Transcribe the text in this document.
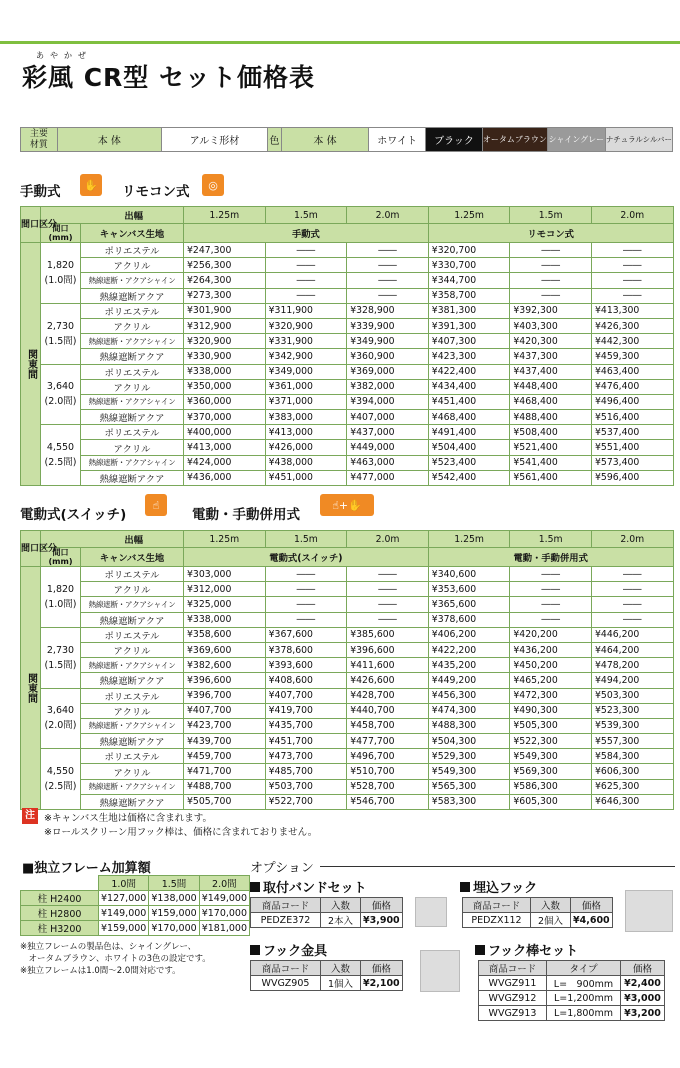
あやかぜ
彩風 CR型 セット価格表
主要
材質	本 体	アルミ形材	色	本 体	ホワイト	ブラック	オータムブラウン	シャイングレー	ナチュラルシルバー
手動式	✋	リモコン式	◎
間口区分	出幅		1.25m	1.5m	2.0m	1.25m	1.5m	2.0m
	間口
(mm)	キャンバス生地	手動式			リモコン式		
関東間	1,820
(1.0間)	ポリエステル	¥247,300	――	――	¥320,700	――	――
		アクリル	¥256,300	――	――	¥330,700	――	――
		熱線遮断・アクアシャイン	¥264,300	――	――	¥344,700	――	――
		熱線遮断アクア	¥273,300	――	――	¥358,700	――	――
	2,730
(1.5間)	ポリエステル	¥301,900	¥311,900	¥328,900	¥381,300	¥392,300	¥413,300
		アクリル	¥312,900	¥320,900	¥339,900	¥391,300	¥403,300	¥426,300
		熱線遮断・アクアシャイン	¥320,900	¥331,900	¥349,900	¥407,300	¥420,300	¥442,300
		熱線遮断アクア	¥330,900	¥342,900	¥360,900	¥423,300	¥437,300	¥459,300
	3,640
(2.0間)	ポリエステル	¥338,000	¥349,000	¥369,000	¥422,400	¥437,400	¥463,400
		アクリル	¥350,000	¥361,000	¥382,000	¥434,400	¥448,400	¥476,400
		熱線遮断・アクアシャイン	¥360,000	¥371,000	¥394,000	¥451,400	¥468,400	¥496,400
		熱線遮断アクア	¥370,000	¥383,000	¥407,000	¥468,400	¥488,400	¥516,400
	4,550
(2.5間)	ポリエステル	¥400,000	¥413,000	¥437,000	¥491,400	¥508,400	¥537,400
		アクリル	¥413,000	¥426,000	¥449,000	¥504,400	¥521,400	¥551,400
		熱線遮断・アクアシャイン	¥424,000	¥438,000	¥463,000	¥523,400	¥541,400	¥573,400
		熱線遮断アクア	¥436,000	¥451,000	¥477,000	¥542,400	¥561,400	¥596,400
電動式(スイッチ)
☝
電動・手動併用式
☝+✋
間口区分	出幅		1.25m	1.5m	2.0m	1.25m	1.5m	2.0m
	間口
(mm)	キャンバス生地	電動式(スイッチ)			電動・手動併用式		
関東間	1,820
(1.0間)	ポリエステル	¥303,000	――	――	¥340,600	――	――
		アクリル	¥312,000	――	――	¥353,600	――	――
		熱線遮断・アクアシャイン	¥325,000	――	――	¥365,600	――	――
		熱線遮断アクア	¥338,000	――	――	¥378,600	――	――
	2,730
(1.5間)	ポリエステル	¥358,600	¥367,600	¥385,600	¥406,200	¥420,200	¥446,200
		アクリル	¥369,600	¥378,600	¥396,600	¥422,200	¥436,200	¥464,200
		熱線遮断・アクアシャイン	¥382,600	¥393,600	¥411,600	¥435,200	¥450,200	¥478,200
		熱線遮断アクア	¥396,600	¥408,600	¥426,600	¥449,200	¥465,200	¥494,200
	3,640
(2.0間)	ポリエステル	¥396,700	¥407,700	¥428,700	¥456,300	¥472,300	¥503,300
		アクリル	¥407,700	¥419,700	¥440,700	¥474,300	¥490,300	¥523,300
		熱線遮断・アクアシャイン	¥423,700	¥435,700	¥458,700	¥488,300	¥505,300	¥539,300
		熱線遮断アクア	¥439,700	¥451,700	¥477,700	¥504,300	¥522,300	¥557,300
	4,550
(2.5間)	ポリエステル	¥459,700	¥473,700	¥496,700	¥529,300	¥549,300	¥584,300
		アクリル	¥471,700	¥485,700	¥510,700	¥549,300	¥569,300	¥606,300
		熱線遮断・アクアシャイン	¥488,700	¥503,700	¥528,700	¥565,300	¥586,300	¥625,300
		熱線遮断アクア	¥505,700	¥522,700	¥546,700	¥583,300	¥605,300	¥646,300
注 ※キャンバス生地は価格に含まれます。
※ロールスクリーン用フック棒は、価格に含まれておりません。
■独立フレーム加算額
	1.0間	1.5間	2.0間
柱 H2400	¥127,000	¥138,000	¥149,000
柱 H2800	¥149,000	¥159,000	¥170,000
柱 H3200	¥159,000	¥170,000	¥181,000
※独立フレームの製品色は、シャイングレー、
　オータムブラウン、ホワイトの3色の設定です。
※独立フレームは1.0間〜2.0間対応です。
オプション
取付バンドセット
商品コード	入数	価格
PEDZE372	2本入	¥3,900
埋込フック
商品コード	入数	価格
PEDZX112	2個入	¥4,600
フック金具
商品コード	入数	価格
WVGZ905	1個入	¥2,100
フック棒セット
商品コード	タイプ	価格
WVGZ911	L=　900mm	¥2,400
WVGZ912	L=1,200mm	¥3,000
WVGZ913	L=1,800mm	¥3,200
